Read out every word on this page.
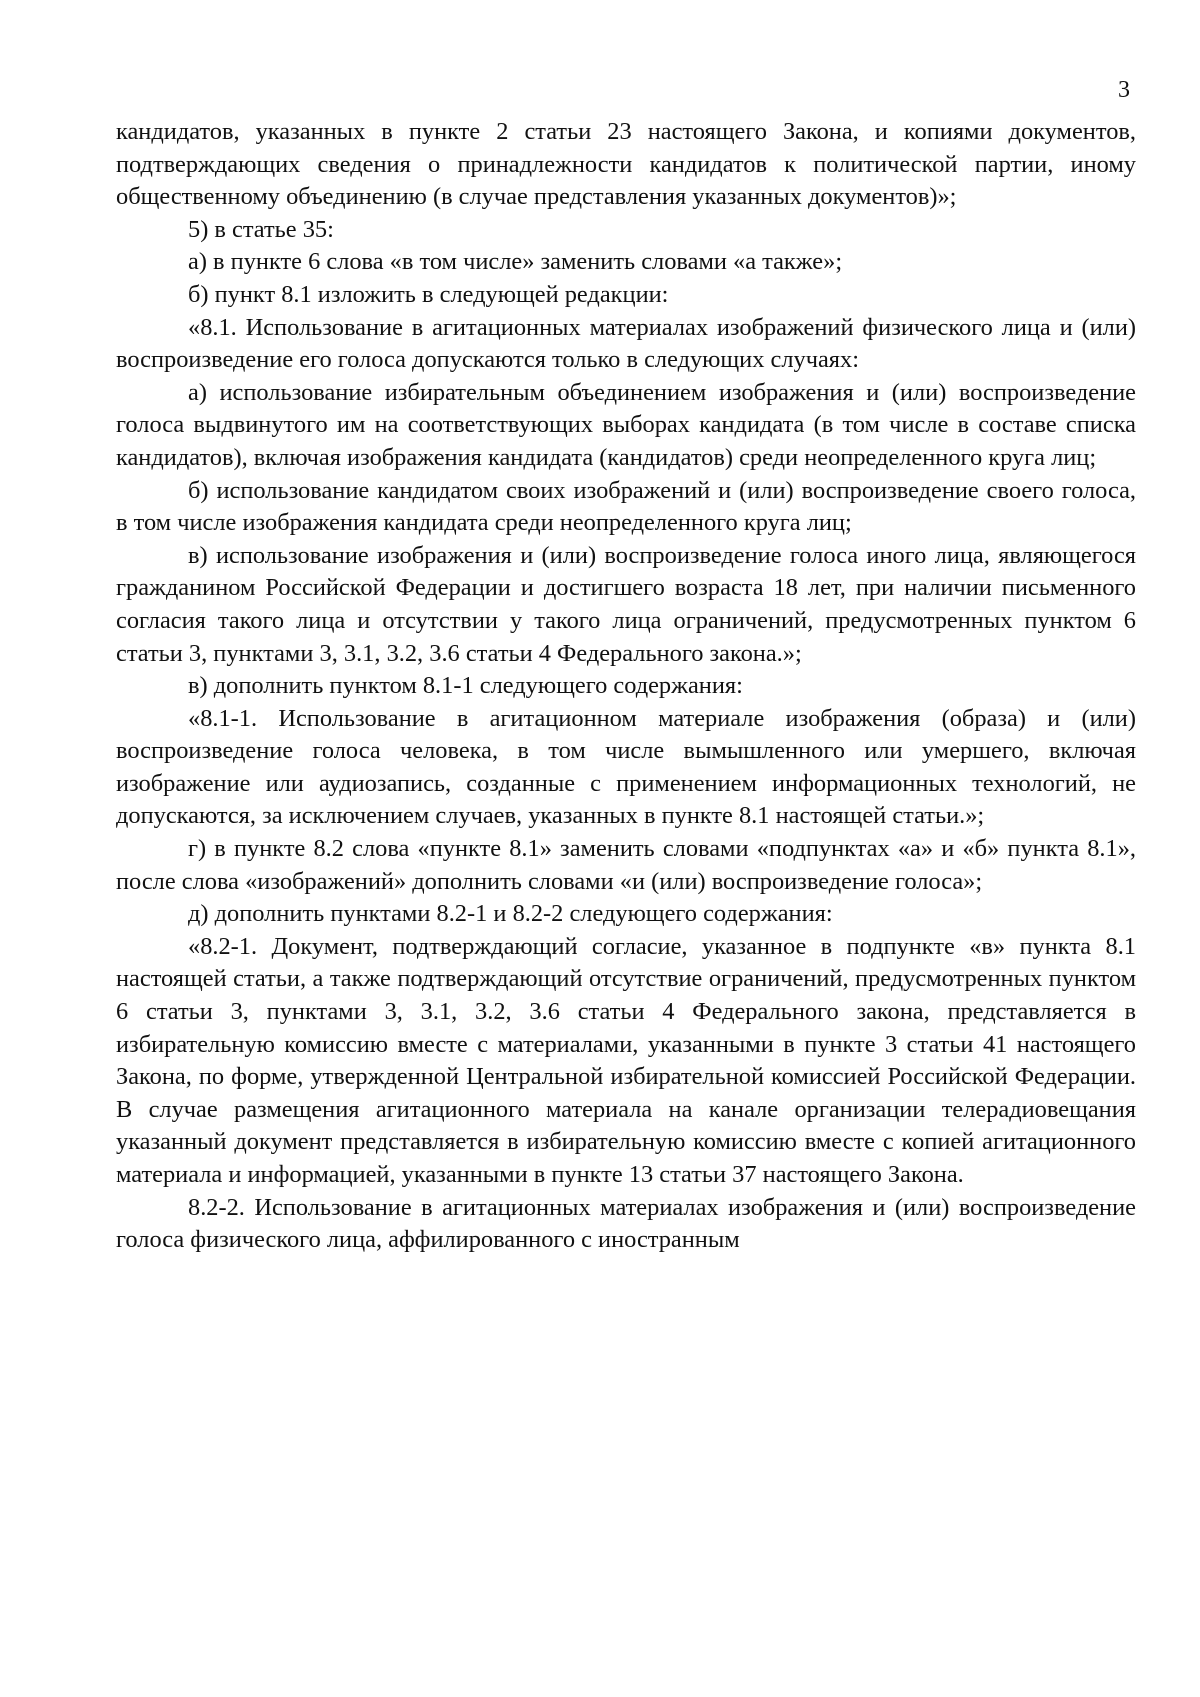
3

кандидатов, указанных в пункте 2 статьи 23 настоящего Закона, и копиями документов, подтверждающих сведения о принадлежности кандидатов к политической партии, иному общественному объединению (в случае представления указанных документов)»;

5) в статье 35:

а) в пункте 6 слова «в том числе» заменить словами «а также»;

б) пункт 8.1 изложить в следующей редакции:

«8.1. Использование в агитационных материалах изображений физического лица и (или) воспроизведение его голоса допускаются только в следующих случаях:

а) использование избирательным объединением изображения и (или) воспроизведение голоса выдвинутого им на соответствующих выборах кандидата (в том числе в составе списка кандидатов), включая изображения кандидата (кандидатов) среди неопределенного круга лиц;

б) использование кандидатом своих изображений и (или) воспроизведение своего голоса, в том числе изображения кандидата среди неопределенного круга лиц;

в) использование изображения и (или) воспроизведение голоса иного лица, являющегося гражданином Российской Федерации и достигшего возраста 18 лет, при наличии письменного согласия такого лица и отсутствии у такого лица ограничений, предусмотренных пунктом 6 статьи 3, пунктами 3, 3.1, 3.2, 3.6 статьи 4 Федерального закона.»;

в) дополнить пунктом 8.1-1 следующего содержания:

«8.1-1. Использование в агитационном материале изображения (образа) и (или) воспроизведение голоса человека, в том числе вымышленного или умершего, включая изображение или аудиозапись, созданные с применением информационных технологий, не допускаются, за исключением случаев, указанных в пункте 8.1 настоящей статьи.»;

г) в пункте 8.2 слова «пункте 8.1» заменить словами «подпунктах «а» и «б» пункта 8.1», после слова «изображений» дополнить словами «и (или) воспроизведение голоса»;

д) дополнить пунктами 8.2-1 и 8.2-2 следующего содержания:

«8.2-1. Документ, подтверждающий согласие, указанное в подпункте «в» пункта 8.1 настоящей статьи, а также подтверждающий отсутствие ограничений, предусмотренных пунктом 6 статьи 3, пунктами 3, 3.1, 3.2, 3.6 статьи 4 Федерального закона, представляется в избирательную комиссию вместе с материалами, указанными в пункте 3 статьи 41 настоящего Закона, по форме, утвержденной Центральной избирательной комиссией Российской Федерации. В случае размещения агитационного материала на канале организации телерадиовещания указанный документ представляется в избирательную комиссию вместе с копией агитационного материала и информацией, указанными в пункте 13 статьи 37 настоящего Закона.

8.2-2. Использование в агитационных материалах изображения и (или) воспроизведение голоса физического лица, аффилированного с иностранным
